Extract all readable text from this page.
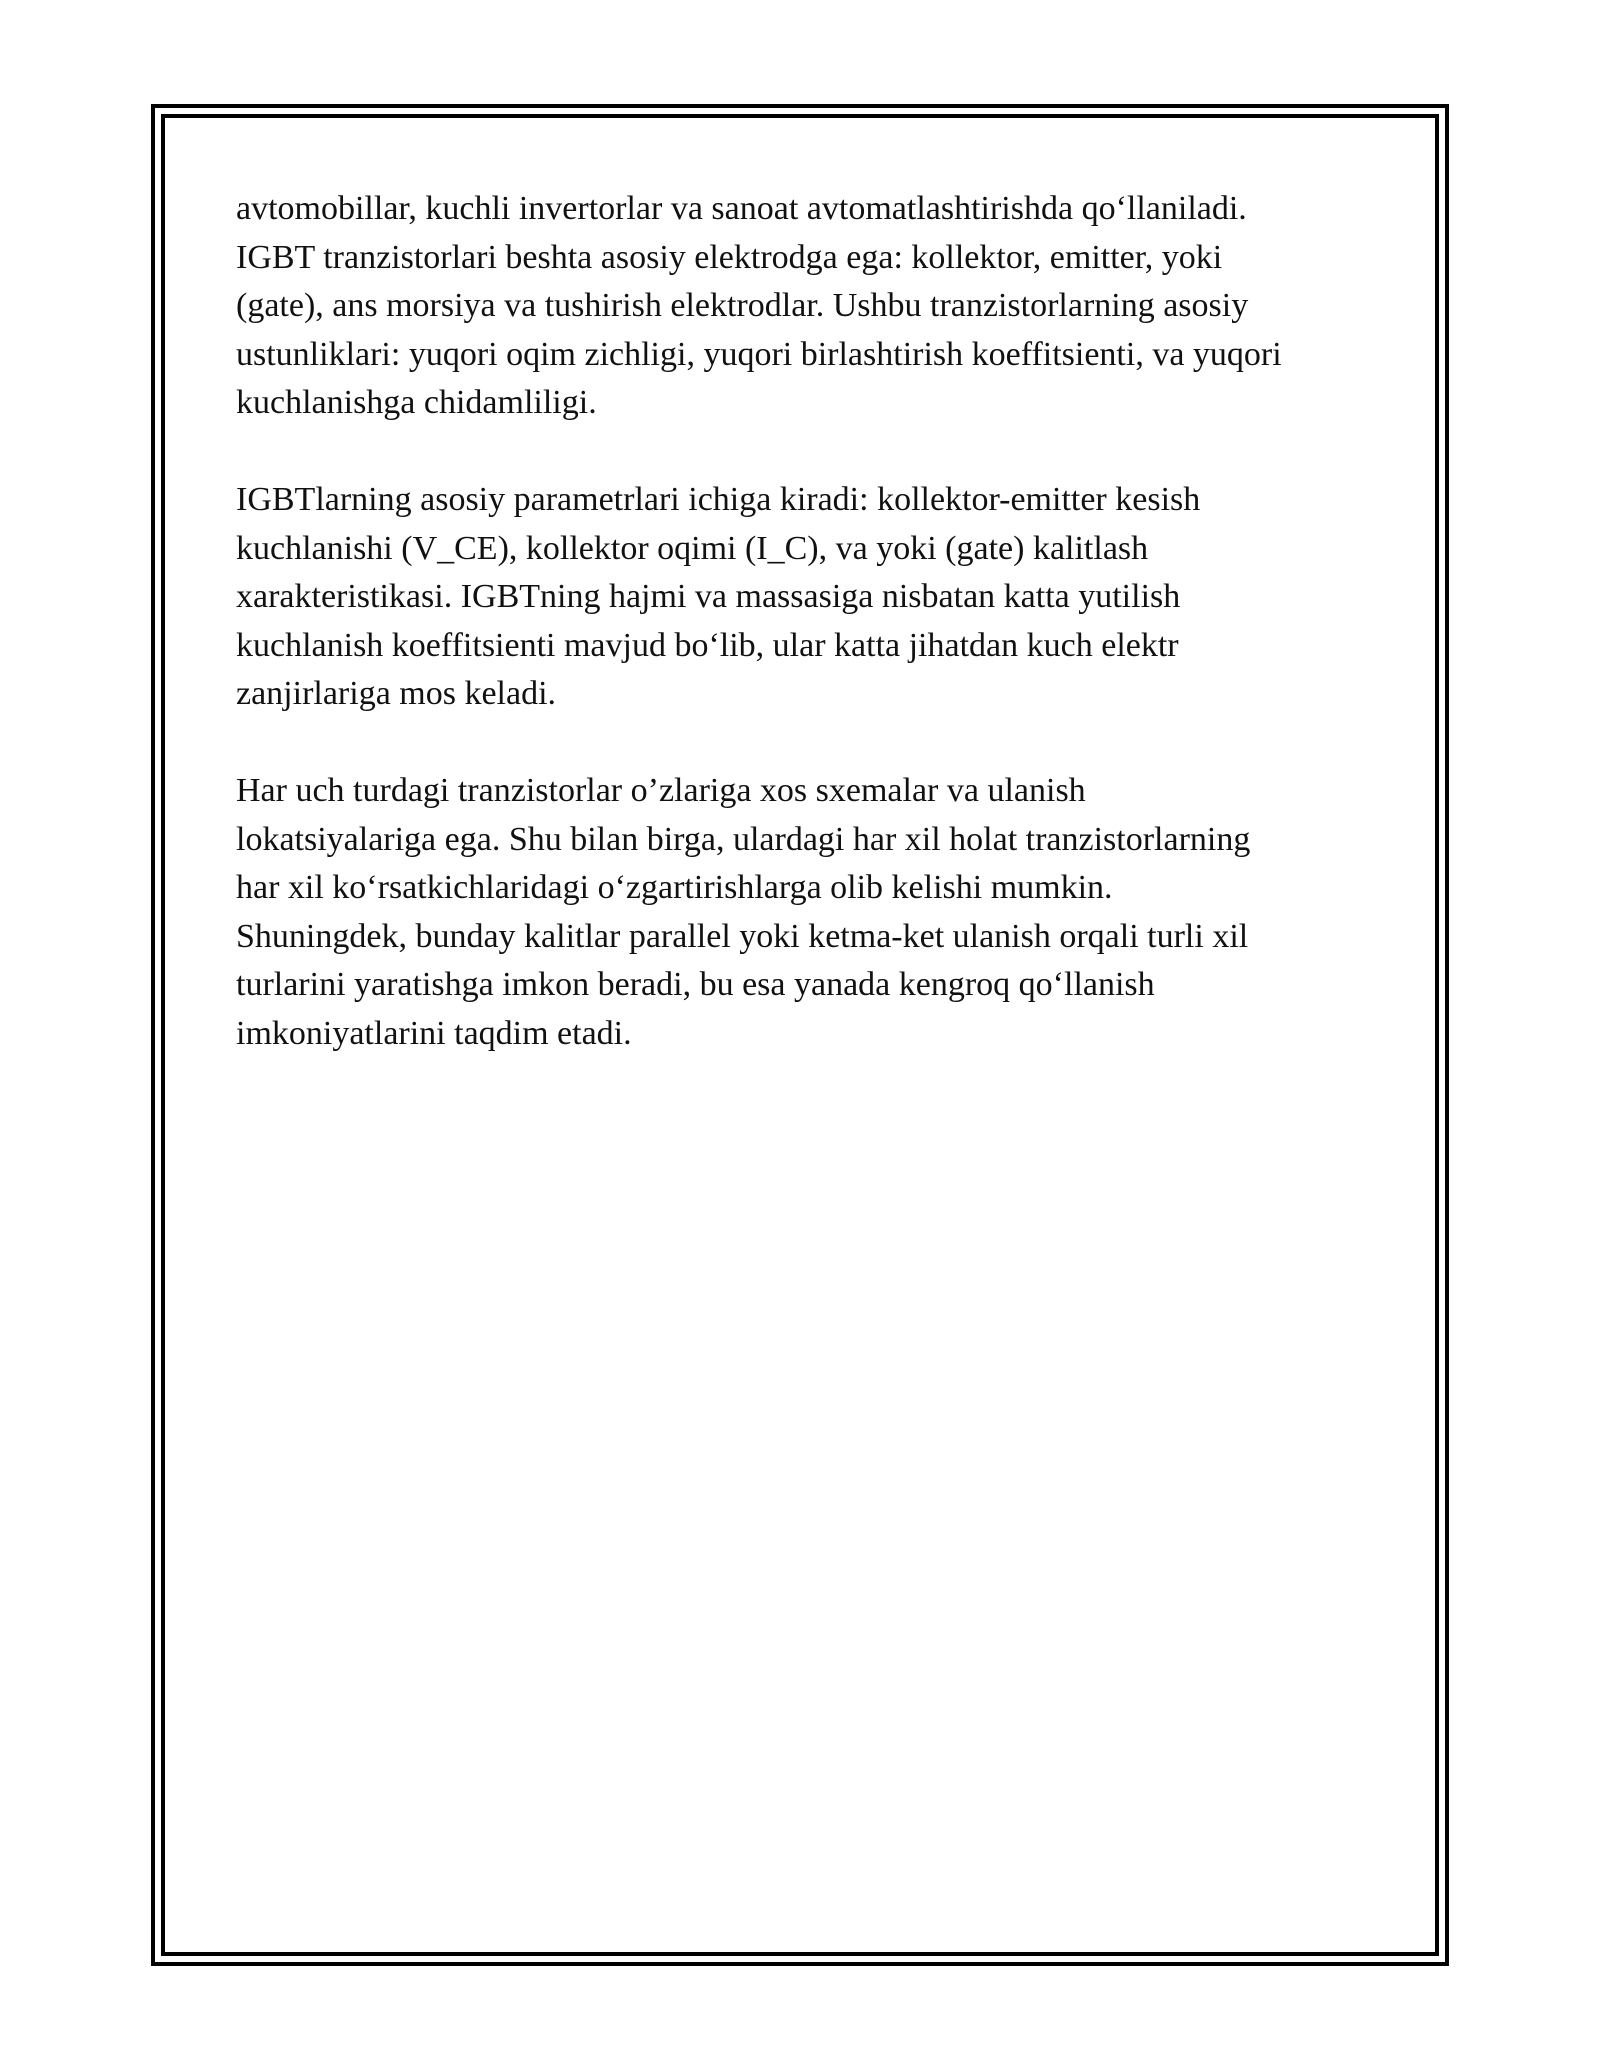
avtomobillar, kuchli invertorlar va sanoat avtomatlashtirishda qo‘llaniladi.
IGBT tranzistorlari beshta asosiy elektrodga ega: kollektor, emitter, yoki
(gate), ans morsiya va tushirish elektrodlar. Ushbu tranzistorlarning asosiy
ustunliklari: yuqori oqim zichligi, yuqori birlashtirish koeffitsienti, va yuqori
kuchlanishga chidamliligi.

IGBTlarning asosiy parametrlari ichiga kiradi: kollektor-emitter kesish
kuchlanishi (V_CE), kollektor oqimi (I_C), va yoki (gate) kalitlash
xarakteristikasi. IGBTning hajmi va massasiga nisbatan katta yutilish
kuchlanish koeffitsienti mavjud bo‘lib, ular katta jihatdan kuch elektr
zanjirlariga mos keladi.

Har uch turdagi tranzistorlar o’zlariga xos sxemalar va ulanish
lokatsiyalariga ega. Shu bilan birga, ulardagi har xil holat tranzistorlarning
har xil ko‘rsatkichlaridagi o‘zgartirishlarga olib kelishi mumkin.
Shuningdek, bunday kalitlar parallel yoki ketma-ket ulanish orqali turli xil
turlarini yaratishga imkon beradi, bu esa yanada kengroq qo‘llanish
imkoniyatlarini taqdim etadi.
